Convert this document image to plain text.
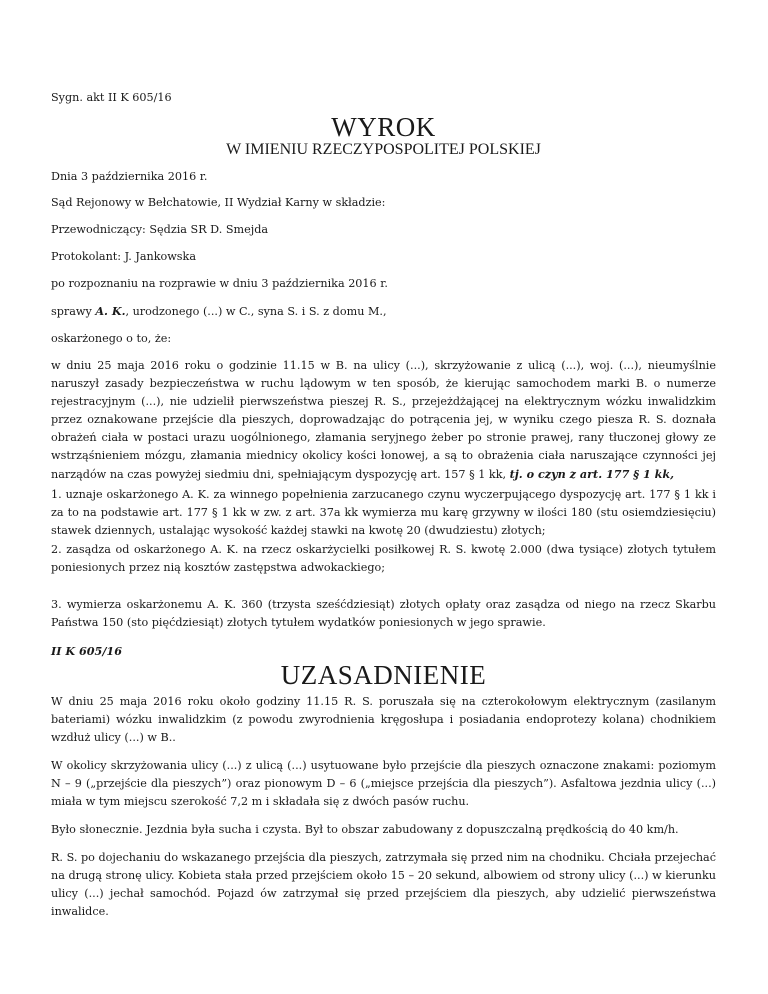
Sygn. akt II K 605/16

WYROK
W IMIENIU RZECZYPOSPOLITEJ POLSKIEJ

Dnia 3 października 2016 r.

Sąd Rejonowy w Bełchatowie, II Wydział Karny w składzie:

Przewodniczący: Sędzia SR D. Smejda

Protokolant: J. Jankowska

po rozpoznaniu na rozprawie w dniu 3 października 2016 r.

sprawy A. K., urodzonego (...) w C., syna S. i S. z domu M.,

oskarżonego o to, że:

w dniu 25 maja 2016 roku o godzinie 11.15 w B. na ulicy (...), skrzyżowanie z ulicą (...), woj. (...), nieumyślnie naruszył zasady bezpieczeństwa w ruchu lądowym w ten sposób, że kierując samochodem marki B. o numerze rejestracyjnym (...), nie udzielił pierwszeństwa pieszej R. S., przejeżdżającej na elektrycznym wózku inwalidzkim przez oznakowane przejście dla pieszych, doprowadzając do potrącenia jej, w wyniku czego piesza R. S. doznała obrażeń ciała w postaci urazu uogólnionego, złamania seryjnego żeber po stronie prawej, rany tłuczonej głowy ze wstrząśnieniem mózgu, złamania miednicy okolicy kości łonowej, a są to obrażenia ciała naruszające czynności jej narządów na czas powyżej siedmiu dni, spełniającym dyspozycję art. 157 § 1 kk, tj. o czyn z art. 177 § 1 kk,

1. uznaje oskarżonego A. K. za winnego popełnienia zarzucanego czynu wyczerpującego dyspozycję art. 177 § 1 kk i za to na podstawie art. 177 § 1 kk w zw. z art. 37a kk wymierza mu karę grzywny w ilości 180 (stu osiemdziesięciu) stawek dziennych, ustalając wysokość każdej stawki na kwotę 20 (dwudziestu) złotych;

2. zasądza od oskarżonego A. K. na rzecz oskarżycielki posiłkowej R. S. kwotę 2.000 (dwa tysiące) złotych tytułem poniesionych przez nią kosztów zastępstwa adwokackiego;

3. wymierza oskarżonemu A. K. 360 (trzysta sześćdziesiąt) złotych opłaty oraz zasądza od niego na rzecz Skarbu Państwa 150 (sto pięćdziesiąt) złotych tytułem wydatków poniesionych w jego sprawie.

II K 605/16

UZASADNIENIE

W dniu 25 maja 2016 roku około godziny 11.15 R. S. poruszała się na czterokołowym elektrycznym (zasilanym bateriami) wózku inwalidzkim (z powodu zwyrodnienia kręgosłupa i posiadania endoprotezy kolana) chodnikiem wzdłuż ulicy (...) w B..

W okolicy skrzyżowania ulicy (...) z ulicą (...) usytuowane było przejście dla pieszych oznaczone znakami: poziomym N – 9 („przejście dla pieszych”) oraz pionowym D – 6 („miejsce przejścia dla pieszych”). Asfaltowa jezdnia ulicy (...) miała w tym miejscu szerokość 7,2 m i składała się z dwóch pasów ruchu.

Było słonecznie. Jezdnia była sucha i czysta. Był to obszar zabudowany z dopuszczalną prędkością do 40 km/h.

R. S. po dojechaniu do wskazanego przejścia dla pieszych, zatrzymała się przed nim na chodniku. Chciała przejechać na drugą stronę ulicy. Kobieta stała przed przejściem około 15 – 20 sekund, albowiem od strony ulicy (...) w kierunku ulicy (...) jechał samochód. Pojazd ów zatrzymał się przed przejściem dla pieszych, aby udzielić pierwszeństwa inwalidce.
